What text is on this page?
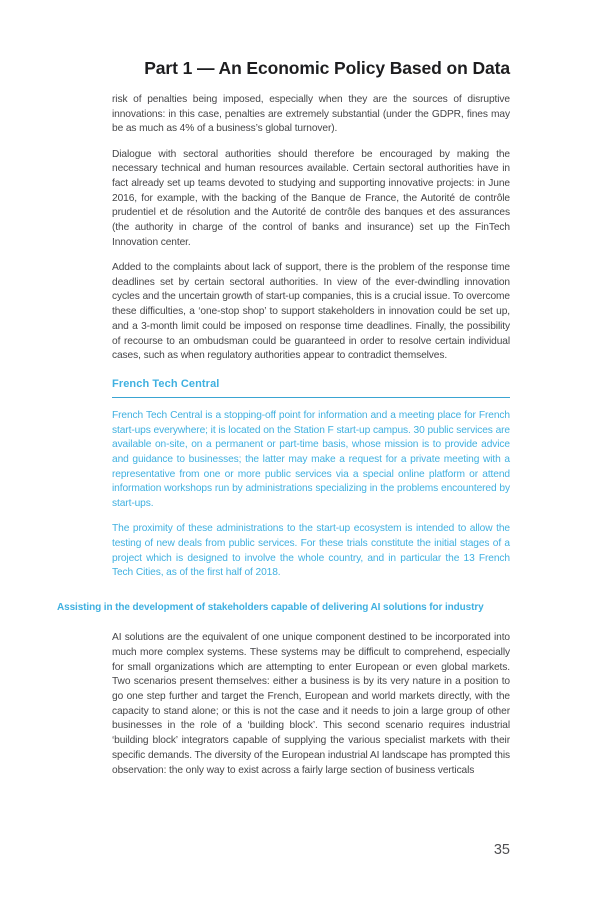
Part 1 — An Economic Policy Based on Data

risk of penalties being imposed, especially when they are the sources of disruptive innovations: in this case, penalties are extremely substantial (under the GDPR, fines may be as much as 4% of a business’s global turnover).

Dialogue with sectoral authorities should therefore be encouraged by making the necessary technical and human resources available. Certain sectoral authorities have in fact already set up teams devoted to studying and supporting innovative projects: in June 2016, for example, with the backing of the Banque de France, the Autorité de contrôle prudentiel et de résolution and the Autorité de contrôle des banques et des assurances (the authority in charge of the control of banks and insurance) set up the FinTech Innovation center.

Added to the complaints about lack of support, there is the problem of the response time deadlines set by certain sectoral authorities. In view of the ever-dwindling innovation cycles and the uncertain growth of start-up companies, this is a crucial issue. To overcome these difficulties, a ‘one-stop shop’ to support stakeholders in innovation could be set up, and a 3-month limit could be imposed on response time deadlines. Finally, the possibility of recourse to an ombudsman could be guaranteed in order to resolve certain individual cases, such as when regulatory authorities appear to contradict themselves.

French Tech Central

French Tech Central is a stopping-off point for information and a meeting place for French start-ups everywhere; it is located on the Station F start-up campus. 30 public services are available on-site, on a permanent or part-time basis, whose mission is to provide advice and guidance to businesses; the latter may make a request for a private meeting with a representative from one or more public services via a special online platform or attend information workshops run by administrations specializing in the problems encountered by start-ups.

The proximity of these administrations to the start-up ecosystem is intended to allow the testing of new deals from public services. For these trials constitute the initial stages of a project which is designed to involve the whole country, and in particular the 13 French Tech Cities, as of the first half of 2018.

Assisting in the development of stakeholders capable of delivering AI solutions for industry

AI solutions are the equivalent of one unique component destined to be incorporated into much more complex systems. These systems may be difficult to comprehend, especially for small organizations which are attempting to enter European or even global markets. Two scenarios present themselves: either a business is by its very nature in a position to go one step further and target the French, European and world markets directly, with the capacity to stand alone; or this is not the case and it needs to join a large group of other businesses in the role of a ‘building block’. This second scenario requires industrial ‘building block’ integrators capable of supplying the various specialist markets with their specific demands. The diversity of the European industrial AI landscape has prompted this observation: the only way to exist across a fairly large section of business verticals

35
